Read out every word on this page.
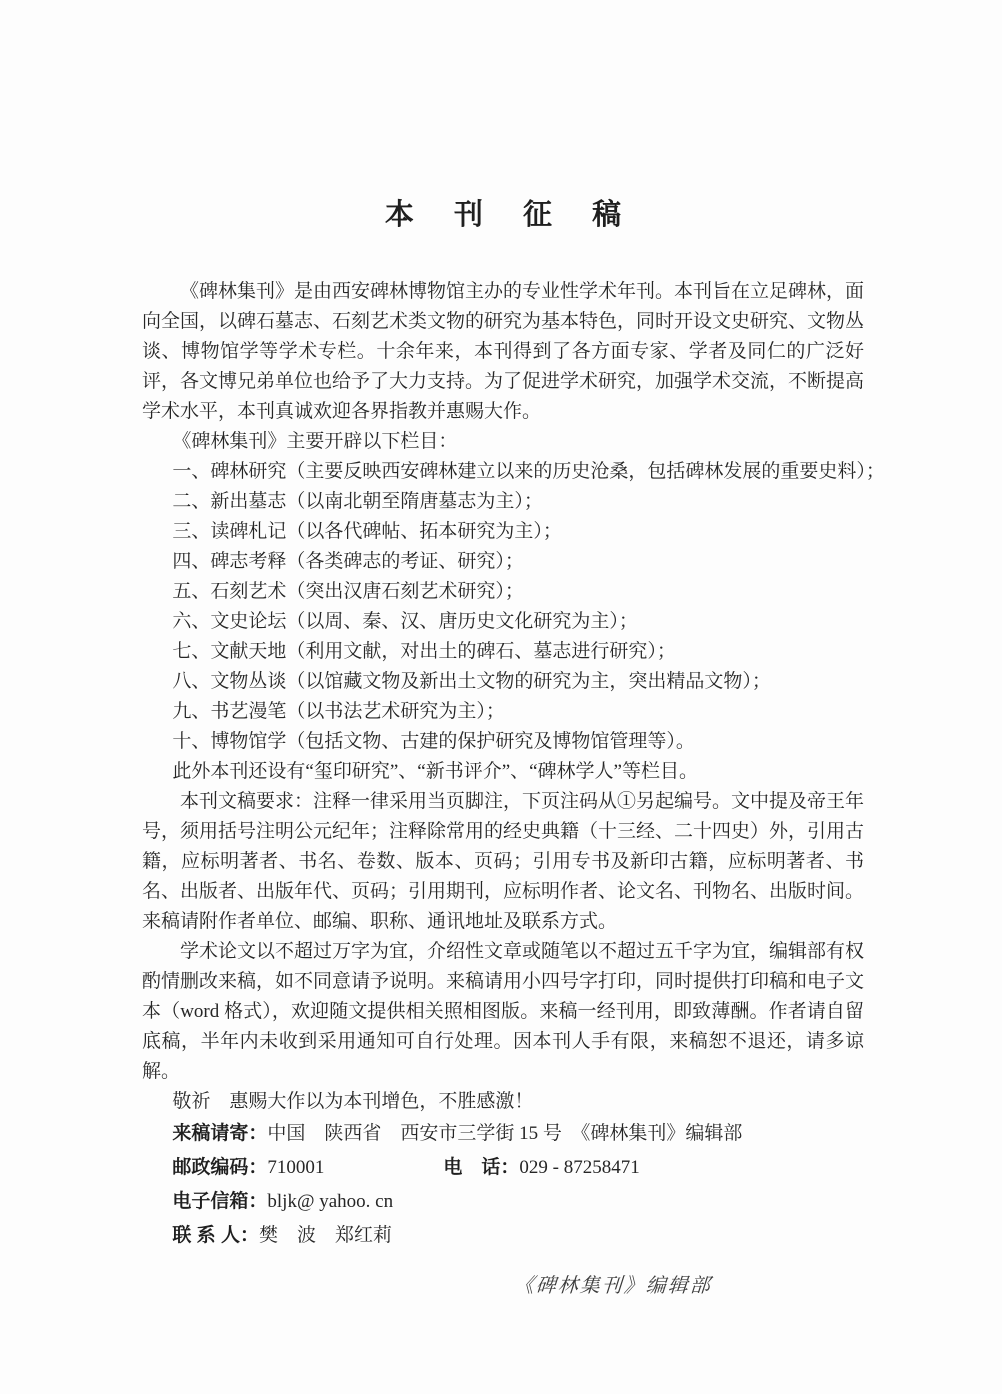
本 刊 征 稿

《碑林集刊》是由西安碑林博物馆主办的专业性学术年刊。本刊旨在立足碑林，面向全国，以碑石墓志、石刻艺术类文物的研究为基本特色，同时开设文史研究、文物丛谈、博物馆学等学术专栏。十余年来，本刊得到了各方面专家、学者及同仁的广泛好评，各文博兄弟单位也给予了大力支持。为了促进学术研究，加强学术交流，不断提高学术水平，本刊真诚欢迎各界指教并惠赐大作。

《碑林集刊》主要开辟以下栏目：

一、碑林研究（主要反映西安碑林建立以来的历史沧桑，包括碑林发展的重要史料）；

二、新出墓志（以南北朝至隋唐墓志为主）；

三、读碑札记（以各代碑帖、拓本研究为主）；

四、碑志考释（各类碑志的考证、研究）；

五、石刻艺术（突出汉唐石刻艺术研究）；

六、文史论坛（以周、秦、汉、唐历史文化研究为主）；

七、文献天地（利用文献，对出土的碑石、墓志进行研究）；

八、文物丛谈（以馆藏文物及新出土文物的研究为主，突出精品文物）；

九、书艺漫笔（以书法艺术研究为主）；

十、博物馆学（包括文物、古建的保护研究及博物馆管理等）。

此外本刊还设有“玺印研究”、“新书评介”、“碑林学人”等栏目。

本刊文稿要求：注释一律采用当页脚注，下页注码从①另起编号。文中提及帝王年号，须用括号注明公元纪年；注释除常用的经史典籍（十三经、二十四史）外，引用古籍，应标明著者、书名、卷数、版本、页码；引用专书及新印古籍，应标明著者、书名、出版者、出版年代、页码；引用期刊，应标明作者、论文名、刊物名、出版时间。来稿请附作者单位、邮编、职称、通讯地址及联系方式。

学术论文以不超过万字为宜，介绍性文章或随笔以不超过五千字为宜，编辑部有权酌情删改来稿，如不同意请予说明。来稿请用小四号字打印，同时提供打印稿和电子文本（word 格式），欢迎随文提供相关照相图版。来稿一经刊用，即致薄酬。作者请自留底稿，半年内未收到采用通知可自行处理。因本刊人手有限，来稿恕不退还，请多谅解。

敬祈　惠赐大作以为本刊增色，不胜感激！

来稿请寄：中国　陕西省　西安市三学街 15 号　《碑林集刊》编辑部

邮政编码：710001	电　话：029 - 87258471

电子信箱：bljk@ yahoo. cn

联 系 人：樊　波　郑红莉

《碑林集刊》编辑部
